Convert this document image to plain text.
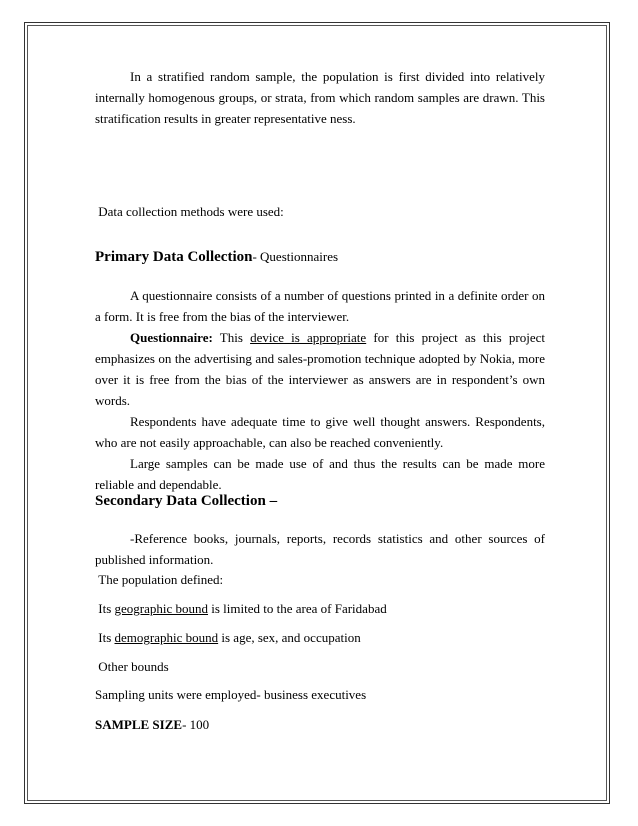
In a stratified random sample, the population is first divided into relatively internally homogenous groups, or strata, from which random samples are drawn. This stratification results in greater representative ness.

Data collection methods were used:

Primary Data Collection- Questionnaires

A questionnaire consists of a number of questions printed in a definite order on a form. It is free from the bias of the interviewer.

Questionnaire: This device is appropriate for this project as this project emphasizes on the advertising and sales-promotion technique adopted by Nokia, more over it is free from the bias of the interviewer as answers are in respondent’s own words.

Respondents have adequate time to give well thought answers. Respondents, who are not easily approachable, can also be reached conveniently.

Large samples can be made use of and thus the results can be made more reliable and dependable.

Secondary Data Collection –

-Reference books, journals, reports, records statistics and other sources of published information.

The population defined:

Its geographic bound is limited to the area of Faridabad

Its demographic bound is age, sex, and occupation

Other bounds

Sampling units were employed- business executives

SAMPLE SIZE- 100
